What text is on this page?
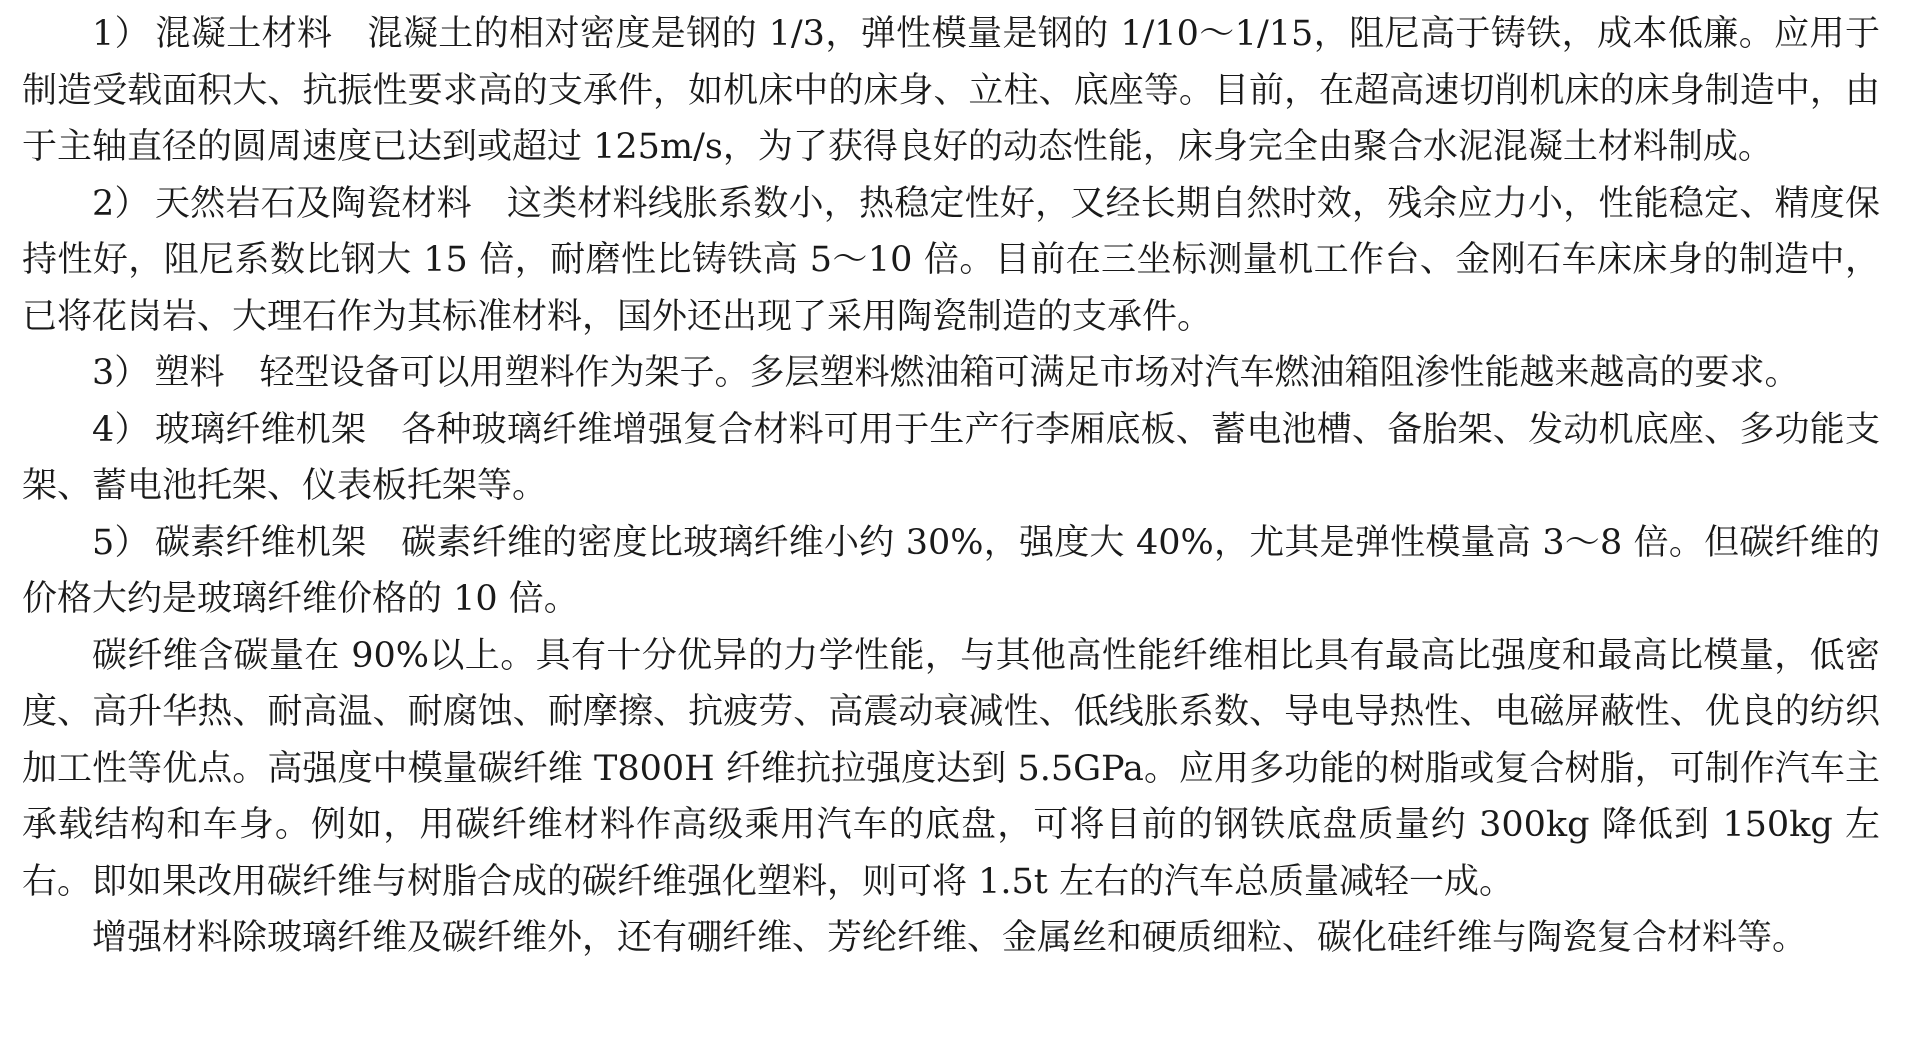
1） 混凝土材料 混凝土的相对密度是钢的 1/3，弹性模量是钢的 1/10～1/15，阻尼高于铸铁，成本低廉。应用于制造受载面积大、抗振性要求高的支承件，如机床中的床身、立柱、底座等。目前，在超高速切削机床的床身制造中，由于主轴直径的圆周速度已达到或超过 125m/s，为了获得良好的动态性能，床身完全由聚合水泥混凝土材料制成。

2） 天然岩石及陶瓷材料 这类材料线胀系数小，热稳定性好，又经长期自然时效，残余应力小，性能稳定、精度保持性好，阻尼系数比钢大 15 倍，耐磨性比铸铁高 5～10 倍。目前在三坐标测量机工作台、金刚石车床床身的制造中，已将花岗岩、大理石作为其标准材料，国外还出现了采用陶瓷制造的支承件。

3） 塑料 轻型设备可以用塑料作为架子。多层塑料燃油箱可满足市场对汽车燃油箱阻渗性能越来越高的要求。

4） 玻璃纤维机架 各种玻璃纤维增强复合材料可用于生产行李厢底板、蓄电池槽、备胎架、发动机底座、多功能支架、蓄电池托架、仪表板托架等。

5） 碳素纤维机架 碳素纤维的密度比玻璃纤维小约 30%，强度大 40%，尤其是弹性模量高 3～8 倍。但碳纤维的价格大约是玻璃纤维价格的 10 倍。

碳纤维含碳量在 90%以上。具有十分优异的力学性能，与其他高性能纤维相比具有最高比强度和最高比模量，低密度、高升华热、耐高温、耐腐蚀、耐摩擦、抗疲劳、高震动衰减性、低线胀系数、导电导热性、电磁屏蔽性、优良的纺织加工性等优点。高强度中模量碳纤维 T800H 纤维抗拉强度达到 5.5GPa。应用多功能的树脂或复合树脂，可制作汽车主承载结构和车身。例如，用碳纤维材料作高级乘用汽车的底盘，可将目前的钢铁底盘质量约 300kg 降低到 150kg 左右。即如果改用碳纤维与树脂合成的碳纤维强化塑料，则可将 1.5t 左右的汽车总质量减轻一成。

增强材料除玻璃纤维及碳纤维外，还有硼纤维、芳纶纤维、金属丝和硬质细粒、碳化硅纤维与陶瓷复合材料等。
